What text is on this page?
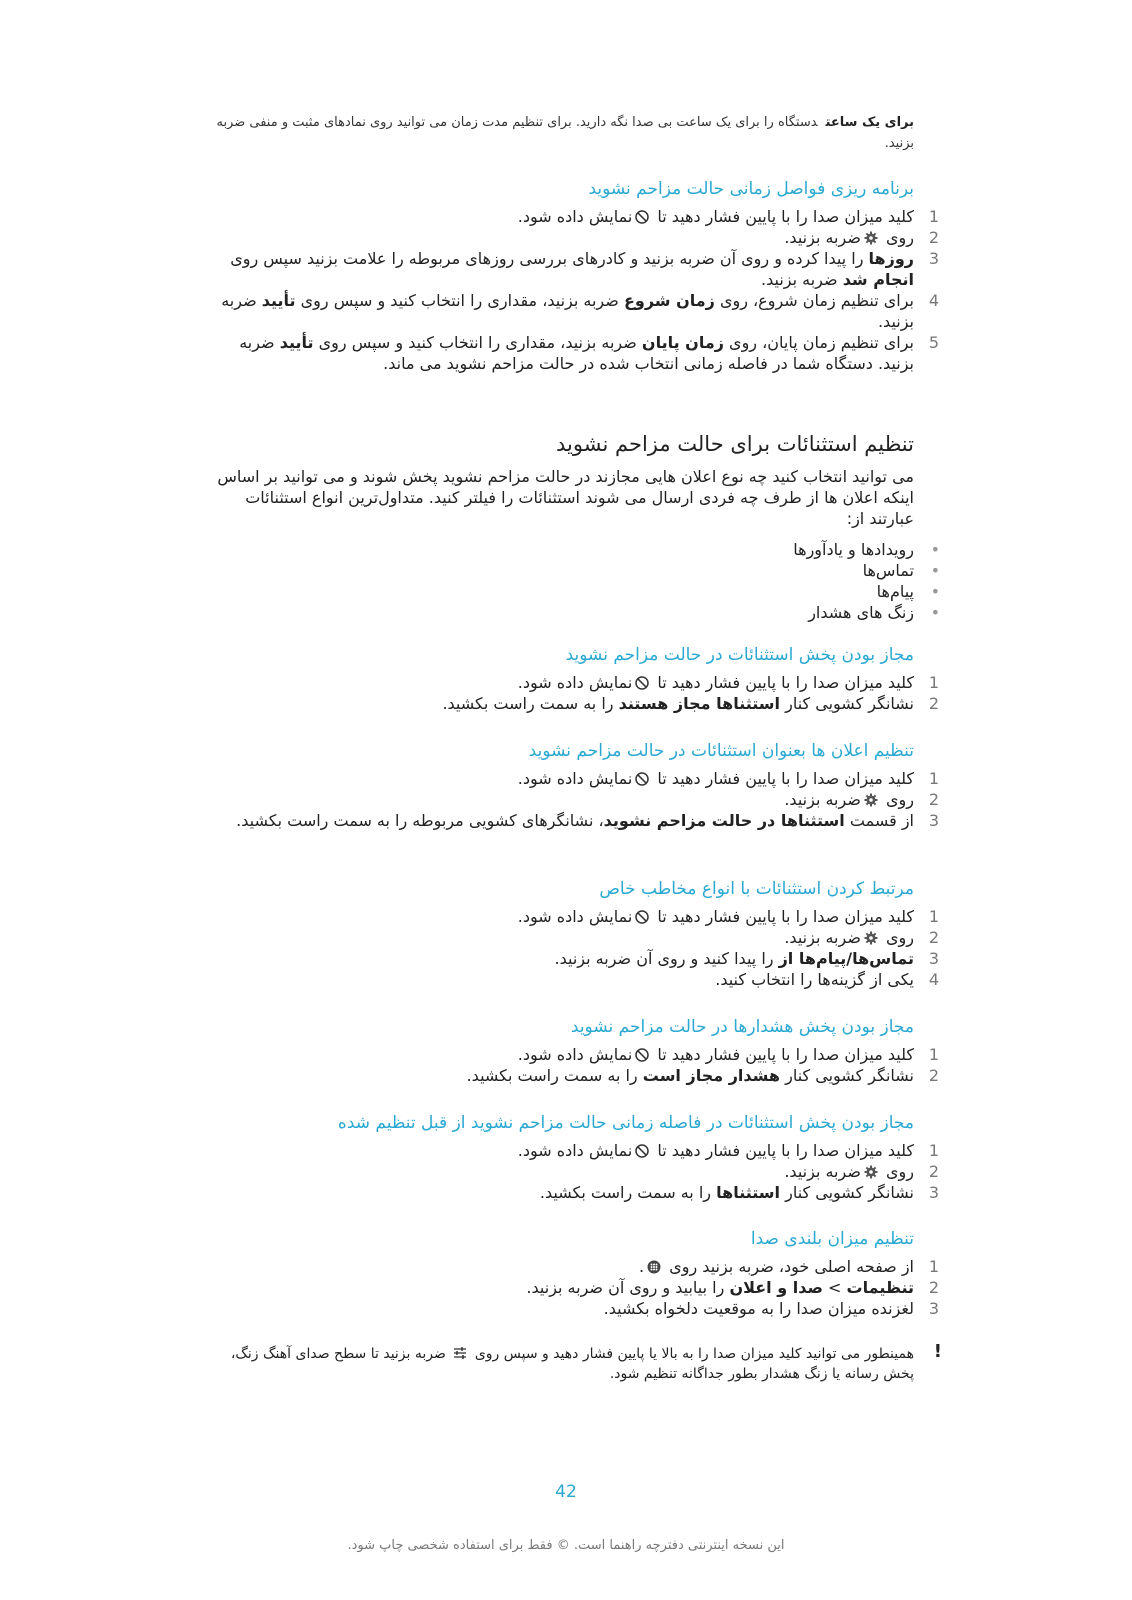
برای یک ساعتدستگاه را برای یک ساعت بی صدا نگه دارید. برای تنظیم مدت زمان می توانید روی نمادهای مثبت و منفی ضربه بزنید.
برنامه ریزی فواصل زمانی حالت مزاحم نشوید
1
کلید میزان صدا را با پایین فشار دهید تا نمایش داده شود.
2
روی ضربه بزنید.
3
روزها را پیدا کرده و روی آن ضربه بزنید و کادرهای بررسی روزهای مربوطه را علامت بزنید سپس روی انجام شد ضربه بزنید.
4
برای تنظیم زمان شروع، روی زمان شروع ضربه بزنید، مقداری را انتخاب کنید و سپس روی تأیید ضربه بزنید.
5
برای تنظیم زمان پایان، روی زمان پایان ضربه بزنید، مقداری را انتخاب کنید و سپس روی تأیید ضربه بزنید. دستگاه شما در فاصله زمانی انتخاب شده در حالت مزاحم نشوید می ماند.
تنظیم استثنائات برای حالت مزاحم نشوید
می توانید انتخاب کنید چه نوع اعلان هایی مجازند در حالت مزاحم نشوید پخش شوند و می توانید بر اساس اینکه اعلان ها از طرف چه فردی ارسال می شوند استثنائات را فیلتر کنید. متداول‌ترین انواع استثنائات عبارتند از:
•
رویدادها و یادآورها
•
تماس‌ها
•
پیام‌ها
•
زنگ های هشدار
مجاز بودن پخش استثنائات در حالت مزاحم نشوید
1
کلید میزان صدا را با پایین فشار دهید تا نمایش داده شود.
2
نشانگر کشویی کنار استثناها مجاز هستند را به سمت راست بکشید.
تنظیم اعلان ها بعنوان استثنائات در حالت مزاحم نشوید
1
کلید میزان صدا را با پایین فشار دهید تا نمایش داده شود.
2
روی ضربه بزنید.
3
از قسمت استثناها در حالت مزاحم نشوید، نشانگرهای کشویی مربوطه را به سمت راست بکشید.
مرتبط کردن استثنائات با انواع مخاطب خاص
1
کلید میزان صدا را با پایین فشار دهید تا نمایش داده شود.
2
روی ضربه بزنید.
3
تماس‌ها/پیام‌ها از را پیدا کنید و روی آن ضربه بزنید.
4
یکی از گزینه‌ها را انتخاب کنید.
مجاز بودن پخش هشدارها در حالت مزاحم نشوید
1
کلید میزان صدا را با پایین فشار دهید تا نمایش داده شود.
2
نشانگر کشویی کنار هشدار مجاز است را به سمت راست بکشید.
مجاز بودن پخش استثنائات در فاصله زمانی حالت مزاحم نشوید از قبل تنظیم شده
1
کلید میزان صدا را با پایین فشار دهید تا نمایش داده شود.
2
روی ضربه بزنید.
3
نشانگر کشویی کنار استثناها را به سمت راست بکشید.
تنظیم میزان بلندی صدا
1
از صفحه اصلی خود، ضربه بزنید روی .
2
تنظیمات > صدا و اعلان را بیابید و روی آن ضربه بزنید.
3
لغزنده میزان صدا را به موقعیت دلخواه بکشید.
!
همینطور می توانید کلید میزان صدا را به بالا یا پایین فشار دهید و سپس روی  ضربه بزنید تا سطح صدای آهنگ زنگ، پخش رسانه یا زنگ هشدار بطور جداگانه تنظیم شود.
42
این نسخه اینترنتی دفترچه راهنما است. © فقط برای استفاده شخصی چاپ شود.
